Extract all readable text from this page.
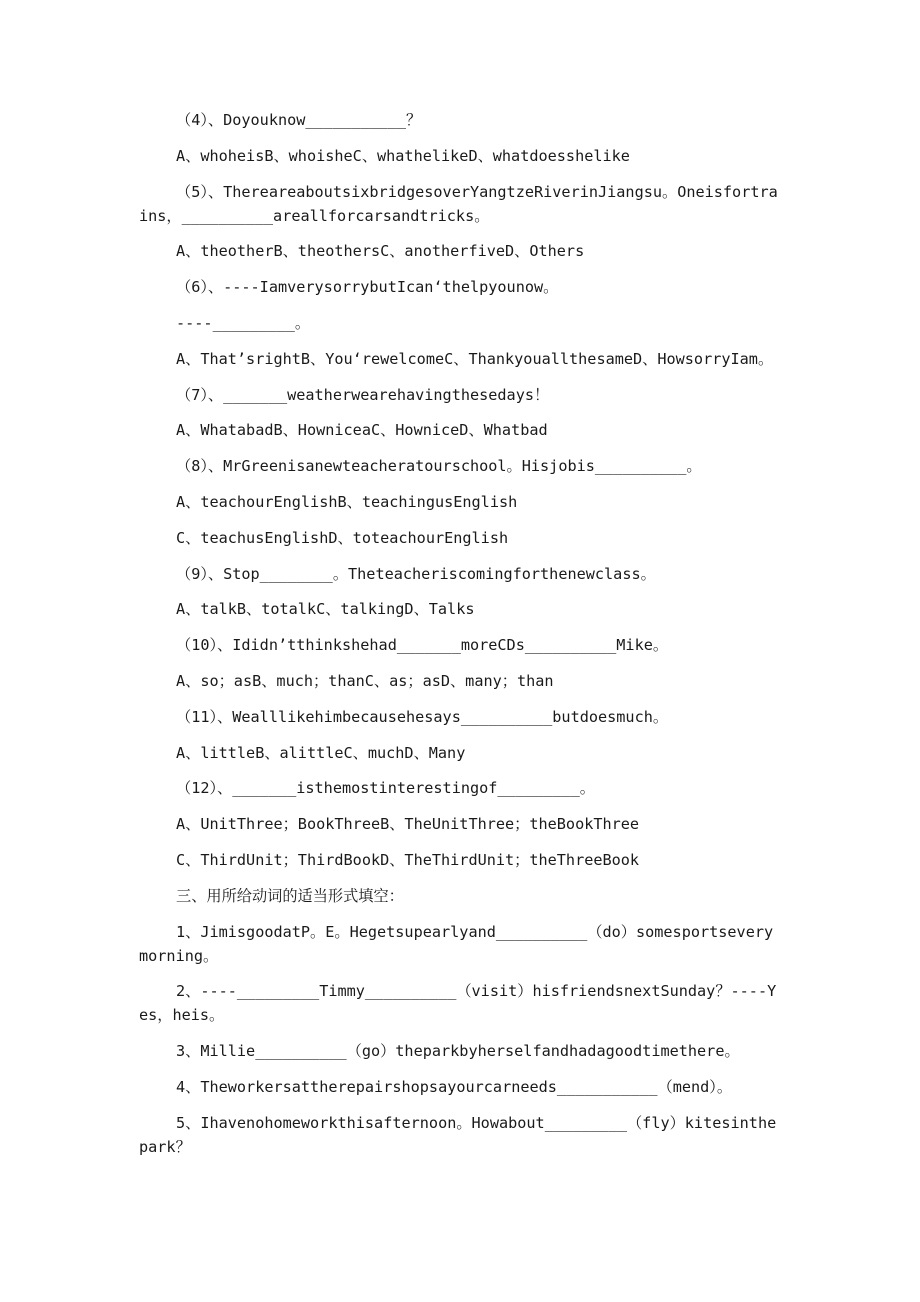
（4）、Doyouknow___________？

A、whoheisB、whoisheC、whathelikeD、whatdoesshelike

（5）、ThereareaboutsixbridgesoverYangtzeRiverinJiangsu。Oneisfortrains，__________areallforcarsandtricks。

A、theotherB、theothersC、anotherfiveD、Others

（6）、----IamverysorrybutIcan‘thelpyounow。

----_________。

A、That’srightB、You‘rewelcomeC、ThankyouallthesameD、HowsorryIam。

（7）、_______weatherwearehavingthesedays！

A、WhatabadB、HowniceaC、HowniceD、Whatbad

（8）、MrGreenisanewteacheratourschool。Hisjobis__________。

A、teachourEnglishB、teachingusEnglish

C、teachusEnglishD、toteachourEnglish

（9）、Stop________。Theteacheriscomingforthenewclass。

A、talkB、totalkC、talkingD、Talks

（10）、Ididn’tthinkshehad_______moreCDs__________Mike。

A、so；asB、much；thanC、as；asD、many；than

（11）、Wealllikehimbecausehesays__________butdoesmuch。

A、littleB、alittleC、muchD、Many

（12）、_______isthemostinterestingof_________。

A、UnitThree；BookThreeB、TheUnitThree；theBookThree

C、ThirdUnit；ThirdBookD、TheThirdUnit；theThreeBook

三、用所给动词的适当形式填空：

1、JimisgoodatP。E。Hegetsupearlyand__________（do）somesportseverymorning。

2、----_________Timmy__________（visit）hisfriendsnextSunday？----Yes，heis。

3、Millie__________（go）theparkbyherselfandhadagoodtimethere。

4、Theworkersattherepairshopsayourcarneeds___________（mend）。

5、Ihavenohomeworkthisafternoon。Howabout_________（fly）kitesinthepark？
